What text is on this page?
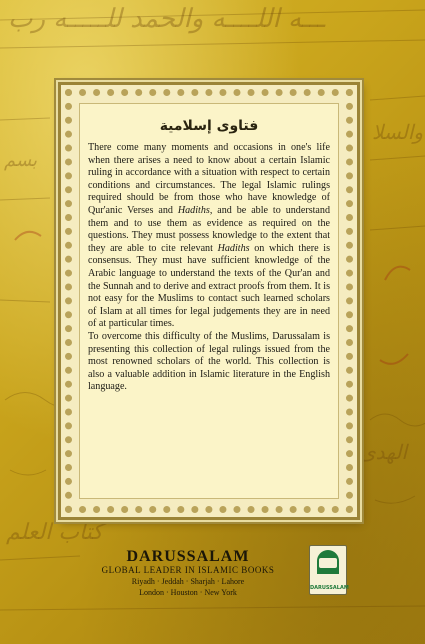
ـــﻪ ﺍﻟﻠــــﻪ ﻭﺍﻟﺤﻤﺪ ﻟﻠـــــﻪ ﺭﺏ
ﻭﺍﻟﺴﻼ
ﺑﺴﻢ
ﻛﺘﺎﺏ ﺍﻟﻌﻠﻢ
ﺍﻟﻬﺪﻯ
فتاوى إسلامية

There come many moments and occasions in one's life when there arises a need to know about a certain Islamic ruling in accordance with a situation with respect to certain conditions and circumstances. The legal Islamic rulings required should be from those who have knowledge of Qur'anic Verses and Hadiths, and be able to understand them and to use them as evidence as required on the questions. They must possess knowledge to the extent that they are able to cite relevant Hadiths on which there is consensus. They must have sufficient knowledge of the Arabic language to understand the texts of the Qur'an and the Sunnah and to derive and extract proofs from them. It is not easy for the Muslims to contact such learned scholars of Islam at all times for legal judgements they are in need of at particular times.

To overcome this difficulty of the Muslims, Darussalam is presenting this collection of legal rulings issued from the most renowned scholars of the world. This collection is also a valuable addition in Islamic literature in the English language.

DARUSSALAM
GLOBAL LEADER IN ISLAMIC BOOKS
Riyadh · Jeddah · Sharjah · Lahore
London · Houston · New York	DARUSSALAM
